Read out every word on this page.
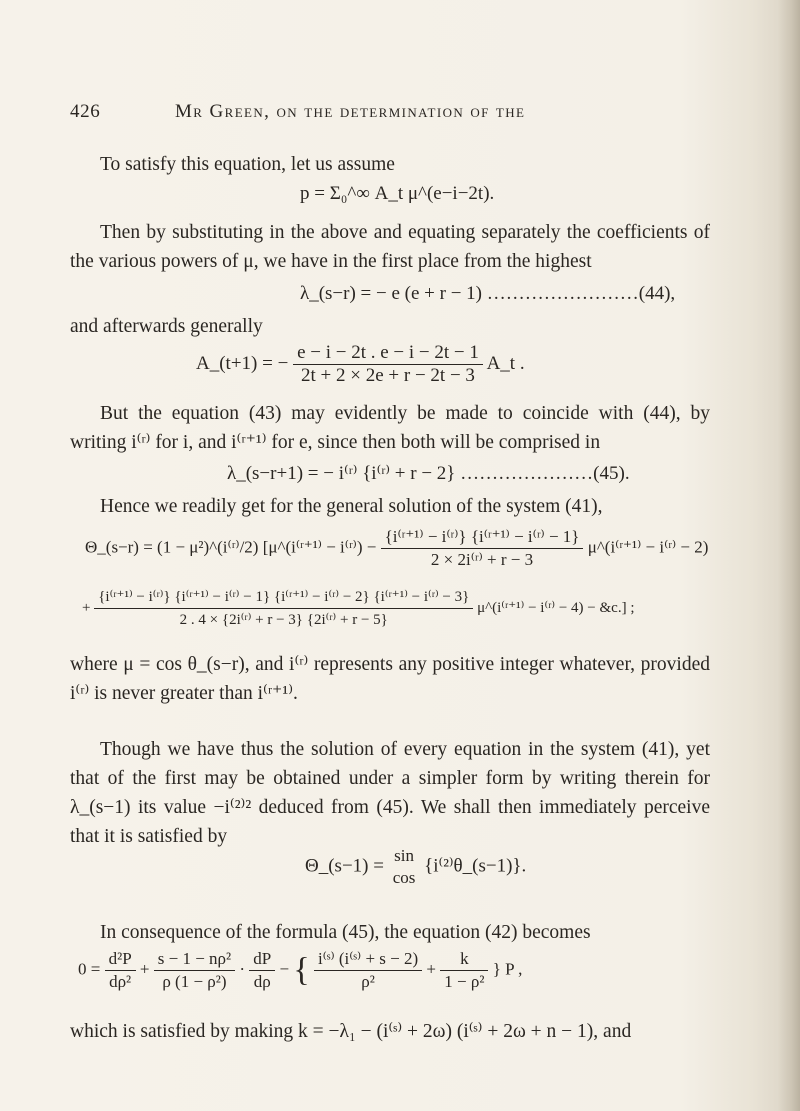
426	Mr Green, on the determination of the
To satisfy this equation, let us assume
p = Σ₀^∞ A_t μ^(e−i−2t).
Then by substituting in the above and equating separately the coefficients of the various powers of μ, we have in the first place from the highest
λ_(s−r) = − e (e + r − 1) ……………………(44),
and afterwards generally
A_(t+1) = − $\frac{e - i - 2t . e - i - 2t - 1}{2t + 2 \times 2e + r - 2t - 3}$ A_t .
But the equation (43) may evidently be made to coincide with (44), by writing i⁽ʳ⁾ for i, and i⁽ʳ⁺¹⁾ for e, since then both will be comprised in
λ_(s−r+1) = − i⁽ʳ⁾ {i⁽ʳ⁾ + r − 2} …………………(45).
Hence we readily get for the general solution of the system (41),
Θ_(s−r) = (1 − μ²)^(i⁽ʳ⁾/2) [μ^(i⁽ʳ⁺¹⁾ − i⁽ʳ⁾) − $\frac{\text{\{i⁽ʳ⁺¹⁾ − i⁽ʳ⁾\} \{i⁽ʳ⁺¹⁾ − i⁽ʳ⁾ − 1\}}}{\text{2 × 2i⁽ʳ⁾ + r − 3}}$ μ^(i⁽ʳ⁺¹⁾ − i⁽ʳ⁾ − 2)
+
{i⁽ʳ⁺¹⁾ − i⁽ʳ⁾} {i⁽ʳ⁺¹⁾ − i⁽ʳ⁾ − 1} {i⁽ʳ⁺¹⁾ − i⁽ʳ⁾ − 2} {i⁽ʳ⁺¹⁾ − i⁽ʳ⁾ − 3}
2 . 4 × {2i⁽ʳ⁾ + r − 3} {2i⁽ʳ⁾ + r − 5}
μ^(i⁽ʳ⁺¹⁾ − i⁽ʳ⁾ − 4) − &c.] ;
where μ = cos θ_(s−r), and i⁽ʳ⁾ represents any positive integer whatever, provided i⁽ʳ⁾ is never greater than i⁽ʳ⁺¹⁾.
Though we have thus the solution of every equation in the system (41), yet that of the first may be obtained under a simpler form by writing therein for λ_(s−1) its value −i⁽²⁾² deduced from (45). We shall then immediately perceive that it is satisfied by
Θ_(s−1) = sin
cos
{i⁽²⁾θ_(s−1)}.
In consequence of the formula (45), the equation (42) becomes
$0 = \frac{\text{d²P}}{\text{dρ²}} + \frac{\text{s − 1 − nρ²}}{\text{ρ (1 − ρ²)}} \cdot \frac{dP}{d\rho}$ − { $\frac{\text{i⁽ˢ⁾ (i⁽ˢ⁾ + s − 2)}}{\text{ρ²}} + \frac{k}{\text{1 − ρ²}}$ } P ,
which is satisfied by making k = −λ₁ − (i⁽ˢ⁾ + 2ω) (i⁽ˢ⁾ + 2ω + n − 1), and
